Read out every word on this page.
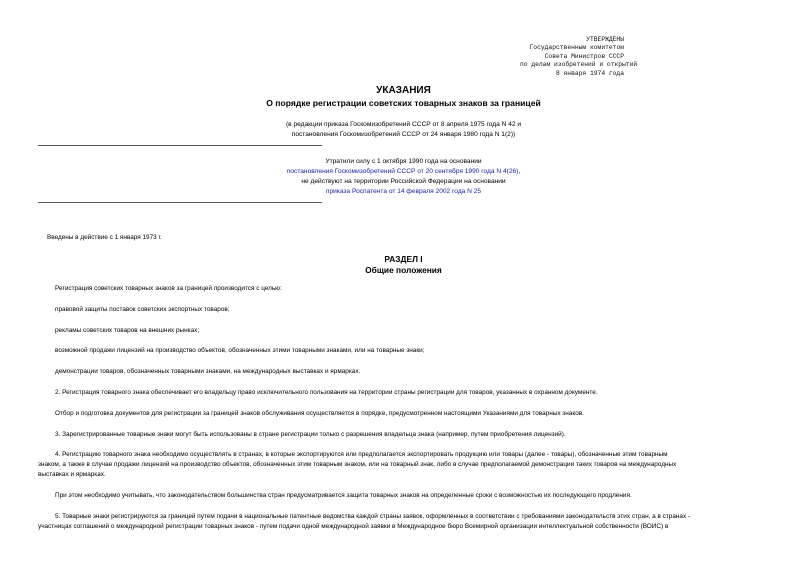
УТВЕРЖДЕНЫ
Государственным комитетом
Совета Министров СССР
по делам изобретений и открытий
8 января 1974 года
УКАЗАНИЯ
О порядке регистрации советских товарных знаков за границей
(в редакции приказа Госкомизобретений СССР от 8 апреля 1975 года N 42 и
постановления Госкомизобретений СССР от 24 января 1980 года N 1(2))
Утратили силу с 1 октября 1990 года на основании
постановления Госкомизобретений СССР от 20 сентября 1990 года N 4(26),
не действуют на территории Российской Федерации на основании
приказа Роспатента от 14 февраля 2002 года N 25
Введены в действие с 1 января 1973 г.
РАЗДЕЛ I
Общие положения
Регистрация советских товарных знаков за границей производится с целью:
правовой защиты поставок советских экспортных товаров;
рекламы советских товаров на внешних рынках;
возможной продажи лицензий на производство объектов, обозначенных этими товарными знаками, или на товарные знаки;
демонстрации товаров, обозначенных товарными знаками, на международных выставках и ярмарках.
2. Регистрация товарного знака обеспечивает его владельцу право исключительного пользования на территории страны регистрации для товаров, указанных в охранном документе.
Отбор и подготовка документов для регистрации за границей знаков обслуживания осуществляется в порядке, предусмотренном настоящими Указаниями для товарных знаков.
3. Зарегистрированные товарные знаки могут быть использованы в стране регистрации только с разрешения владельца знака (например, путем приобретения лицензий).
4. Регистрацию товарного знака необходимо осуществлять в странах, в которые экспортируются или предполагается экспортировать продукцию или товары (далее - товары), обозначенные этим товарным
знаком, а также в случае продажи лицензий на производство объектов, обозначенных этим товарным знаком, или на товарный знак, либо в случае предполагаемой демонстрации таких товаров на международных
выставках и ярмарках.
При этом необходимо учитывать, что законодательством большинства стран предусматривается защита товарных знаков на определенные сроки с возможностью их последующего продления.
5. Товарные знаки регистрируются за границей путем подачи в национальные патентные ведомства каждой страны заявок, оформленных в соответствии с требованиями законодательств этих стран, а в странах -
участницах соглашений о международной регистрации товарных знаков - путем подачи одной международной заявки в Международное бюро Всемирной организации интеллектуальной собственности (ВОИС) в
